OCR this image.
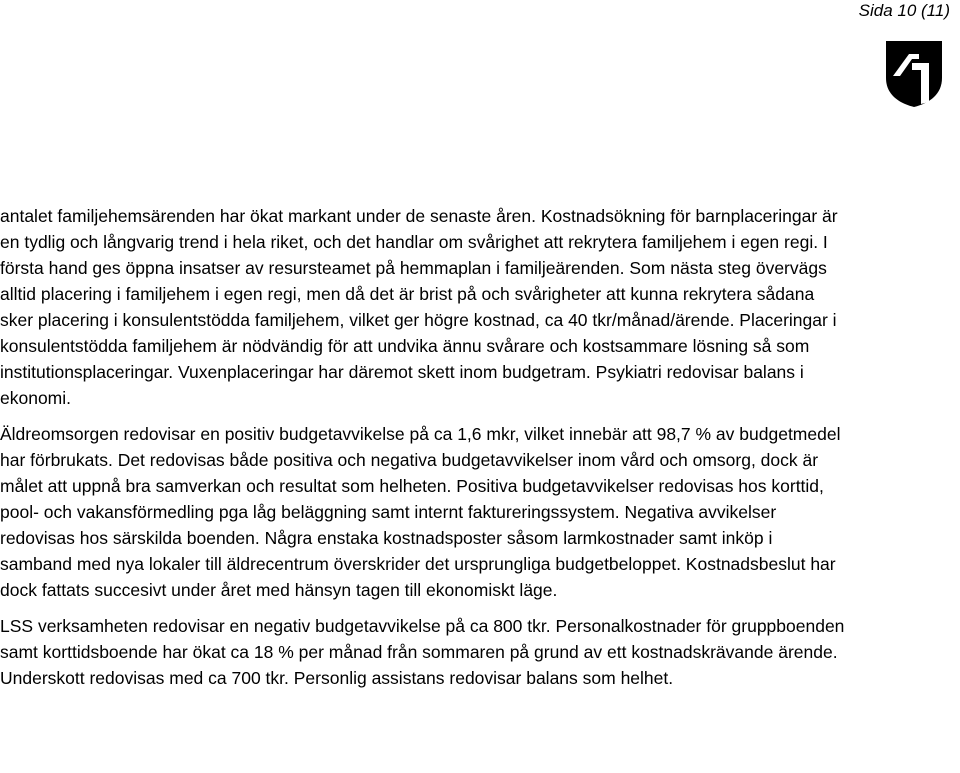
Sida 10 (11)

antalet familjehemsärenden har ökat markant under de senaste åren. Kostnadsökning för barnplaceringar är en tydlig och långvarig trend i hela riket, och det handlar om svårighet att rekrytera familjehem i egen regi. I första hand ges öppna insatser av resursteamet på hemmaplan i familjeärenden. Som nästa steg övervägs alltid placering i familjehem i egen regi, men då det är brist på och svårigheter att kunna rekrytera sådana sker placering i konsulentstödda familjehem, vilket ger högre kostnad, ca 40 tkr/månad/ärende. Placeringar i konsulentstödda familjehem är nödvändig för att undvika ännu svårare och kostsammare lösning så som institutionsplaceringar. Vuxenplaceringar har däremot skett inom budgetram. Psykiatri redovisar balans i ekonomi.

Äldreomsorgen redovisar en positiv budgetavvikelse på ca 1,6 mkr, vilket innebär att 98,7 % av budgetmedel har förbrukats. Det redovisas både positiva och negativa budgetavvikelser inom vård och omsorg, dock är målet att uppnå bra samverkan och resultat som helheten. Positiva budgetavvikelser redovisas hos korttid, pool- och vakansförmedling pga låg beläggning samt internt faktureringssystem. Negativa avvikelser redovisas hos särskilda boenden. Några enstaka kostnadsposter såsom larmkostnader samt inköp i samband med nya lokaler till äldrecentrum överskrider det ursprungliga budgetbeloppet. Kostnadsbeslut har dock fattats succesivt under året med hänsyn tagen till ekonomiskt läge.

LSS verksamheten redovisar en negativ budgetavvikelse på ca 800 tkr. Personalkostnader för gruppboenden samt korttidsboende har ökat ca 18 % per månad från sommaren på grund av ett kostnadskrävande ärende. Underskott redovisas med ca 700 tkr. Personlig assistans redovisar balans som helhet.
